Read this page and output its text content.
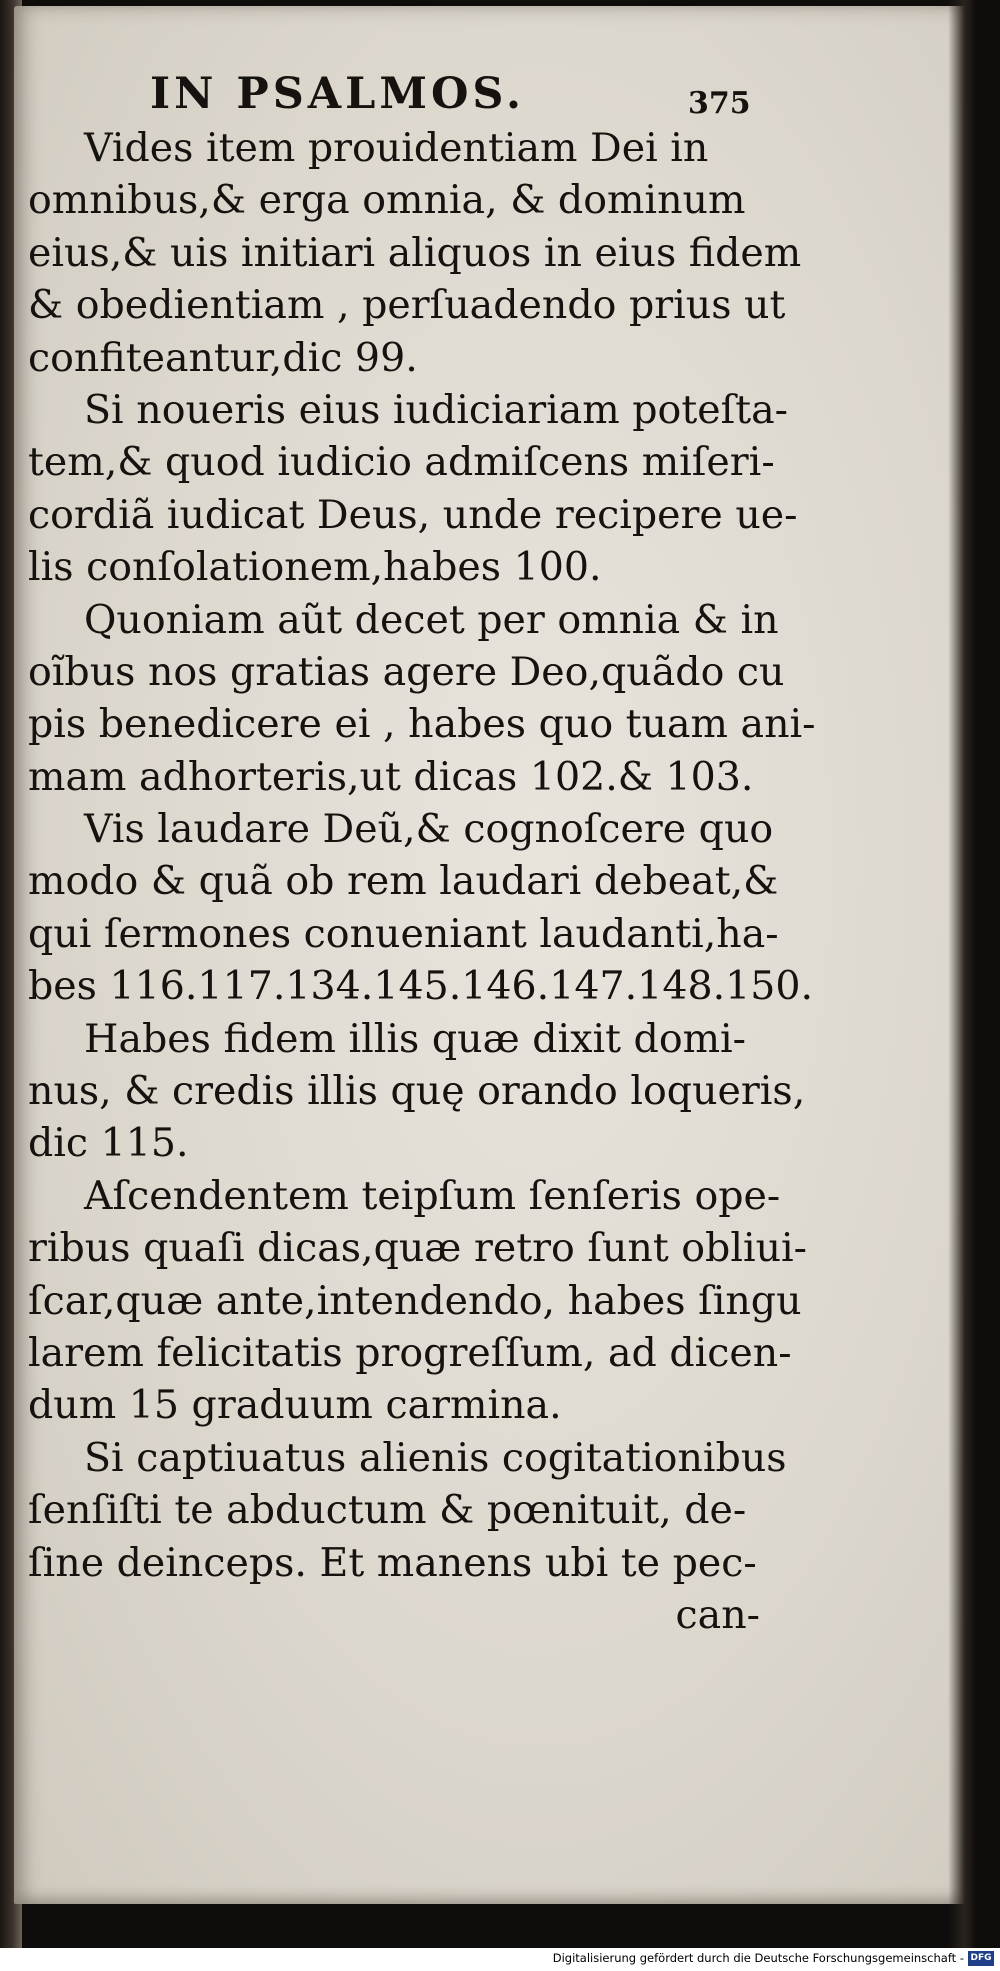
IN PSALMOS.	375
Vides item prouidentiam Dei in
omnibus,& erga omnia, & dominum
eius,& uis initiari aliquos in eius fidem
& obedientiam , perſuadendo prius ut
confiteantur,dic 99.
Si noueris eius iudiciariam poteſta-
tem,& quod iudicio admiſcens miſeri-
cordiã iudicat Deus, unde recipere ue-
lis conſolationem,habes 100.
Quoniam aũt decet per omnia & in
oĩbus nos gratias agere Deo,quãdo cu
pis benedicere ei , habes quo tuam ani-
mam adhorteris,ut dicas 102.& 103.
Vis laudare Deũ,& cognoſcere quo
modo & quã ob rem laudari debeat,&
qui ſermones conueniant laudanti,ha-
bes 116.117.134.145.146.147.148.150.
Habes fidem illis quæ dixit domi-
nus, & credis illis quę orando loqueris,
dic 115.
Aſcendentem teipſum ſenſeris ope-
ribus quaſi dicas,quæ retro ſunt obliui-
ſcar,quæ ante,intendendo, habes ſingu
larem felicitatis progreſſum, ad dicen-
dum 15 graduum carmina.
Si captiuatus alienis cogitationibus
ſenſiſti te abductum & pœnituit, de-
ſine deinceps. Et manens ubi te pec-
can-
Digitalisierung gefördert durch die Deutsche Forschungsgemeinschaft - DFG
